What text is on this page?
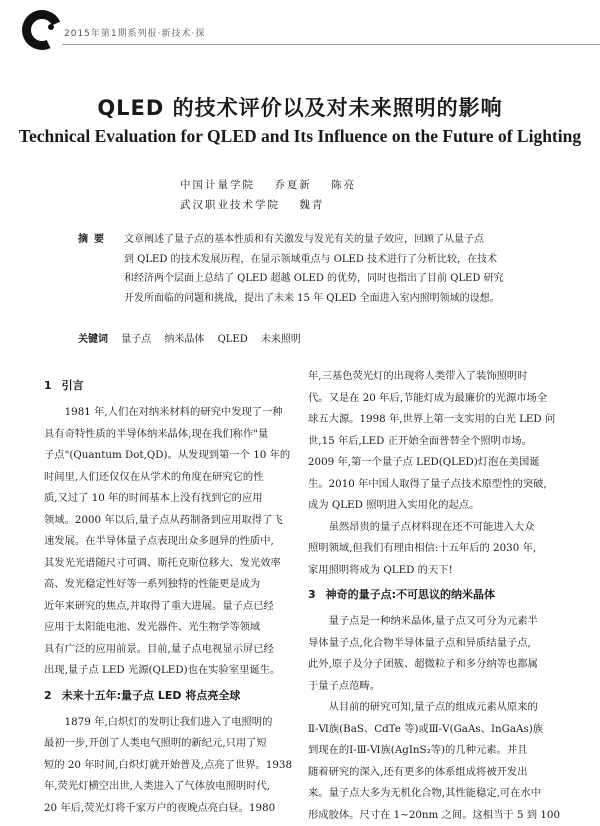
2015年第1期系列报·新技术·探
QLED 的技术评价以及对未来照明的影响
Technical Evaluation for QLED and Its Influence on the Future of Lighting
中国计量学院 乔夏新 陈亮
武汉职业技术学院 魏青
摘要 文章阐述了量子点的基本性质和有关激发与发光有关的量子效应，回顾了从量子点
到 QLED 的技术发展历程，在显示领域重点与 OLED 技术进行了分析比较，在技术
和经济两个层面上总结了 QLED 超越 OLED 的优势，同时也指出了目前 QLED 研究
开发所面临的问题和挑战，提出了未来 15 年 QLED 全面进入室内照明领域的设想。
关键词 量子点 纳米晶体 QLED 未来照明
1 引言
　　1981 年,人们在对纳米材料的研究中发现了一种
具有奇特性质的半导体纳米晶体,现在我们称作"量
子点"(Quantum Dot,QD)。从发现到第一个 10 年的
时间里,人们还仅仅在从学术的角度在研究它的性
质,又过了 10 年的时间基本上没有找到它的应用
领域。2000 年以后,量子点从药制备到应用取得了飞
速发展。在半导体量子点表现出众多迥异的性质中,
其发光光谱随尺寸可调、斯托克斯位移大、发光效率
高、发光稳定性好等一系列独特的性能更是成为
近年来研究的焦点,并取得了重大进展。量子点已经
应用于太阳能电池、发光器件、光生物学等领域
具有广泛的应用前景。目前,量子点电视显示屏已经
出现,量子点 LED 光源(QLED)也在实验室里诞生。
2 未来十五年:量子点 LED 将点亮全球
　　1879 年,白炽灯的发明让我们进入了电照明的
最初一步,开创了人类电气照明的新纪元,只用了短
短的 20 年时间,白炽灯就开始普及,点亮了世界。1938
年,荧光灯横空出世,人类进入了气体放电照明时代,
20 年后,荧光灯将千家万户的夜晚点亮白昼。1980
年,三基色荧光灯的出现将人类带入了装饰照明时
代。又是在 20 年后,节能灯成为最廉价的光源市场全
球五大源。1998 年,世界上第一支实用的白光 LED 问
世,15 年后,LED 正开始全面普替全个照明市场。
2009 年,第一个量子点 LED(QLED)灯泡在美国诞
生。2010 年中国人取得了量子点技术原型性的突破,
成为 QLED 照明进入实用化的起点。
　　虽然昂贵的量子点材料现在还不可能进入大众
照明领域,但我们有理由相信:十五年后的 2030 年,
家用照明将成为 QLED 的天下!
3 神奇的量子点:不可思议的纳米晶体
　　量子点是一种纳米晶体,量子点又可分为元素半
导体量子点,化合物半导体量子点和异质结量子点,
此外,原子及分子团簇、超微粒子和多分纳等也都属
于量子点范畴。
　　从目前的研究可知,量子点的组成元素从原来的
Ⅱ-Ⅵ族(BaS、CdTe 等)或Ⅲ-Ⅴ(GaAs、InGaAs)族
到现在的Ⅰ-Ⅲ-Ⅵ族(AgInS₂等)的几种元素。并且
随着研究的深入,还有更多的体系组成将被开发出
来。量子点大多为无机化合物,其性能稳定,可在水中
形成胶体。尺寸在 1~20nm 之间。这相当于 5 到 100
